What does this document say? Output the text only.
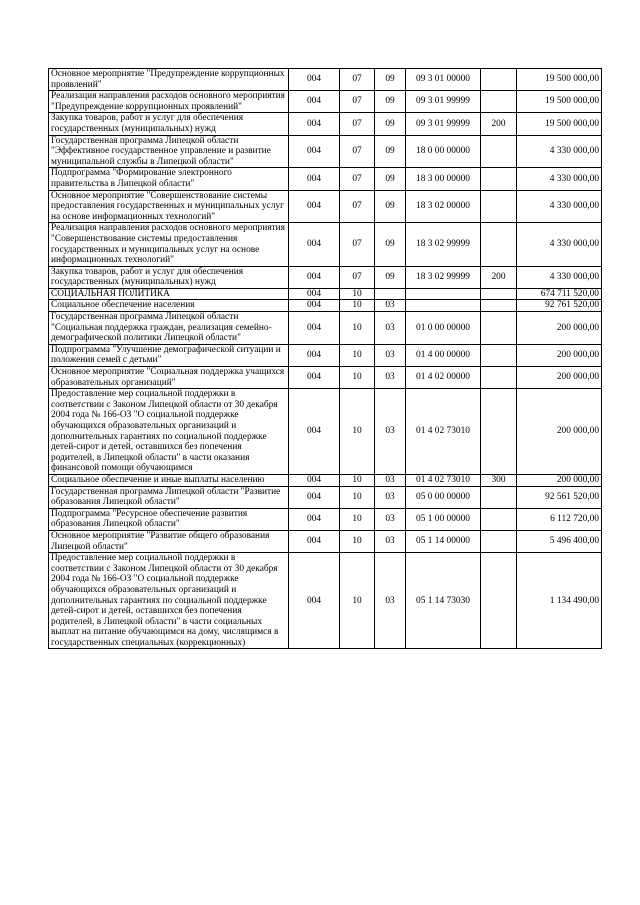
Основное мероприятие "Предупреждение коррупционных проявлений"	004	07	09	09 3 01 00000		19 500 000,00
Реализация направления расходов основного мероприятия "Предупреждение коррупционных проявлений"	004	07	09	09 3 01 99999		19 500 000,00
Закупка товаров, работ и услуг для обеспечения государственных (муниципальных) нужд	004	07	09	09 3 01 99999	200	19 500 000,00
Государственная программа Липецкой области "Эффективное государственное управление и развитие муниципальной службы в Липецкой области"	004	07	09	18 0 00 00000		4 330 000,00
Подпрограмма "Формирование электронного правительства в Липецкой области"	004	07	09	18 3 00 00000		4 330 000,00
Основное мероприятие "Совершенствование системы предоставления государственных и муниципальных услуг на основе информационных технологий"	004	07	09	18 3 02 00000		4 330 000,00
Реализация направления расходов основного мероприятия "Совершенствование системы предоставления государственных и муниципальных услуг на основе информационных технологий"	004	07	09	18 3 02 99999		4 330 000,00
Закупка товаров, работ и услуг для обеспечения государственных (муниципальных) нужд	004	07	09	18 3 02 99999	200	4 330 000,00
СОЦИАЛЬНАЯ ПОЛИТИКА	004	10				674 711 520,00
Социальное обеспечение населения	004	10	03			92 761 520,00
Государственная программа Липецкой области "Социальная поддержка граждан, реализация семейно-демографической политики Липецкой области"	004	10	03	01 0 00 00000		200 000,00
Подпрограмма "Улучшение демографической ситуации и положения семей с детьми"	004	10	03	01 4 00 00000		200 000,00
Основное мероприятие "Социальная поддержка учащихся образовательных организаций"	004	10	03	01 4 02 00000		200 000,00
Предоставление мер социальной поддержки в соответствии с Законом Липецкой области от 30 декабря 2004 года № 166-ОЗ "О социальной поддержке обучающихся образовательных организаций и дополнительных гарантиях по социальной поддержке детей-сирот и детей, оставшихся без попечения родителей, в Липецкой области" в части оказания финансовой помощи обучающимся	004	10	03	01 4 02 73010		200 000,00
Социальное обеспечение и иные выплаты населению	004	10	03	01 4 02 73010	300	200 000,00
Государственная программа Липецкой области "Развитие образования Липецкой области"	004	10	03	05 0 00 00000		92 561 520,00
Подпрограмма "Ресурсное обеспечение развития образования Липецкой области"	004	10	03	05 1 00 00000		6 112 720,00
Основное мероприятие "Развитие общего образования Липецкой области"	004	10	03	05 1 14 00000		5 496 400,00
Предоставление мер социальной поддержки в соответствии с Законом Липецкой области от 30 декабря 2004 года № 166-ОЗ "О социальной поддержке обучающихся образовательных организаций и дополнительных гарантиях по социальной поддержке детей-сирот и детей, оставшихся без попечения родителей, в Липецкой области" в части социальных выплат на питание обучающимся на дому, числящимся в государственных специальных (коррекционных)	004	10	03	05 1 14 73030		1 134 490,00
